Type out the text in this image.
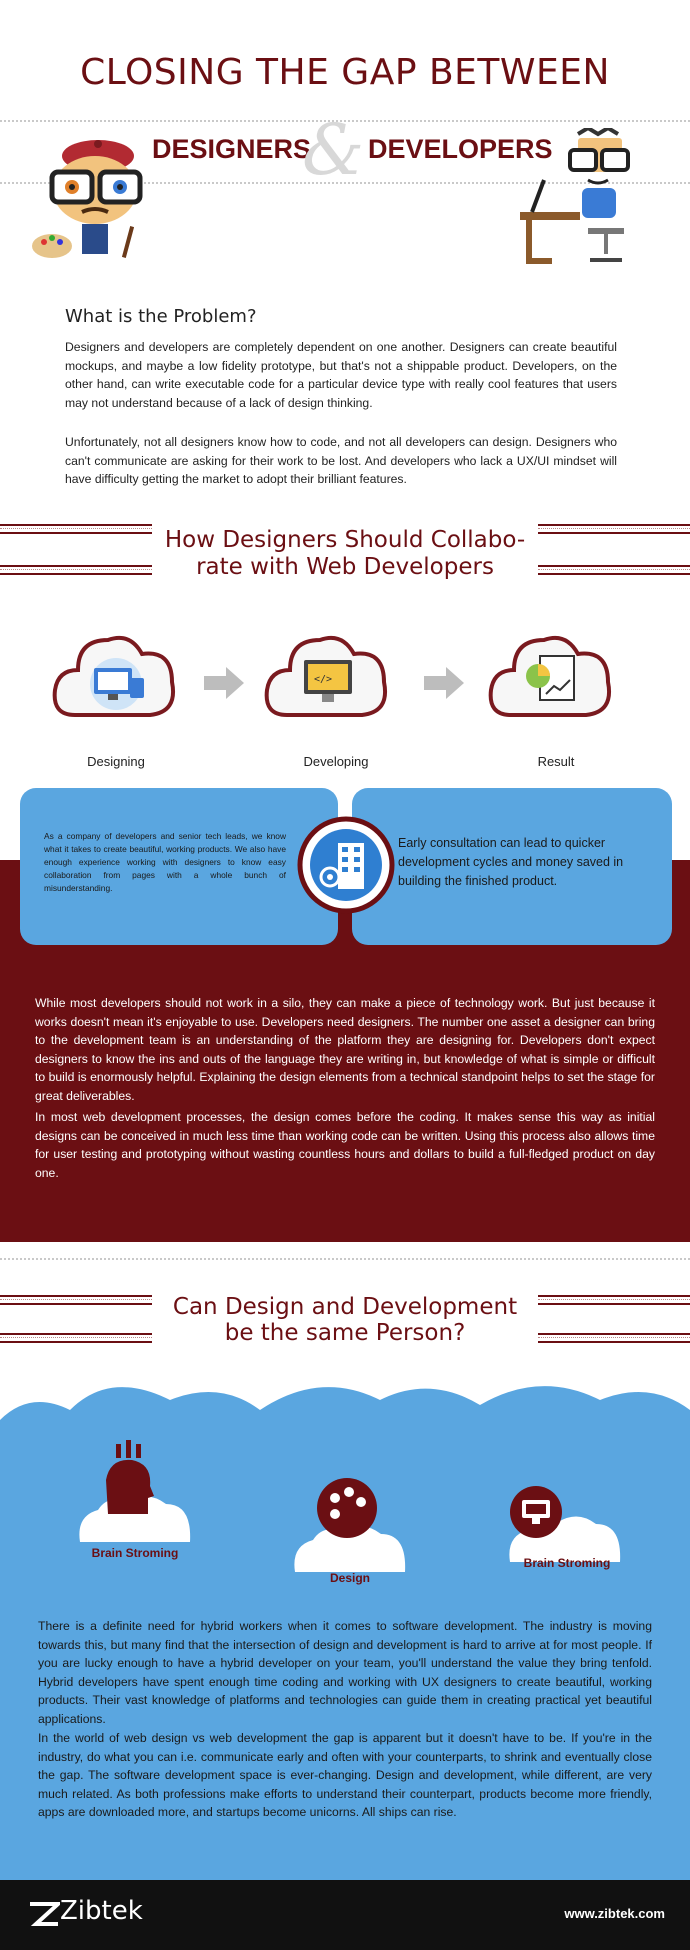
CLOSING THE GAP BETWEEN
DESIGNERS
& DEVELOPERS
What is the Problem?

Designers and developers are completely dependent on one another. Designers can create beautiful mockups, and maybe a low fidelity prototype, but that's not a shippable product. Developers, on the other hand, can write executable code for a particular device type with really cool features that users may not understand because of a lack of design thinking.

Unfortunately, not all designers know how to code, and not all developers can design. Designers who can't communicate are asking for their work to be lost. And developers who lack a UX/UI mindset will have difficulty getting the market to adopt their brilliant features.

How Designers Should Collabo-
rate with Web Developers
</>
Designing	Developing	Result

As a company of developers and senior tech leads, we know what it takes to create beautiful, working products. We also have enough experience working with designers to know easy collaboration from pages with a whole bunch of misunderstanding.

Early consultation can lead to quicker development cycles and money saved in building the finished product.

While most developers should not work in a silo, they can make a piece of technology work. But just because it works doesn't mean it's enjoyable to use. Developers need designers. The number one asset a designer can bring to the development team is an understanding of the platform they are designing for. Developers don't expect designers to know the ins and outs of the language they are writing in, but knowledge of what is simple or difficult to build is enormously helpful. Explaining the design elements from a technical standpoint helps to set the stage for great deliverables.

In most web development processes, the design comes before the coding. It makes sense this way as initial designs can be conceived in much less time than working code can be written. Using this process also allows time for user testing and prototyping without wasting countless hours and dollars to build a full-fledged product on day one.

Can Design and Development
be the same Person?
Brain Stroming
Design
Brain Stroming

There is a definite need for hybrid workers when it comes to software development. The industry is moving towards this, but many find that the intersection of design and development is hard to arrive at for most people. If you are lucky enough to have a hybrid developer on your team, you'll understand the value they bring tenfold. Hybrid developers have spent enough time coding and working with UX designers to create beautiful, working products. Their vast knowledge of platforms and technologies can guide them in creating practical yet beautiful applications.

In the world of web design vs web development the gap is apparent but it doesn't have to be. If you're in the industry, do what you can i.e. communicate early and often with your counterparts, to shrink and eventually close the gap. The software development space is ever-changing. Design and development, while different, are very much related. As both professions make efforts to understand their counterpart, products become more friendly, apps are downloaded more, and startups become unicorns. All ships can rise.

Zibtek	www.zibtek.com
